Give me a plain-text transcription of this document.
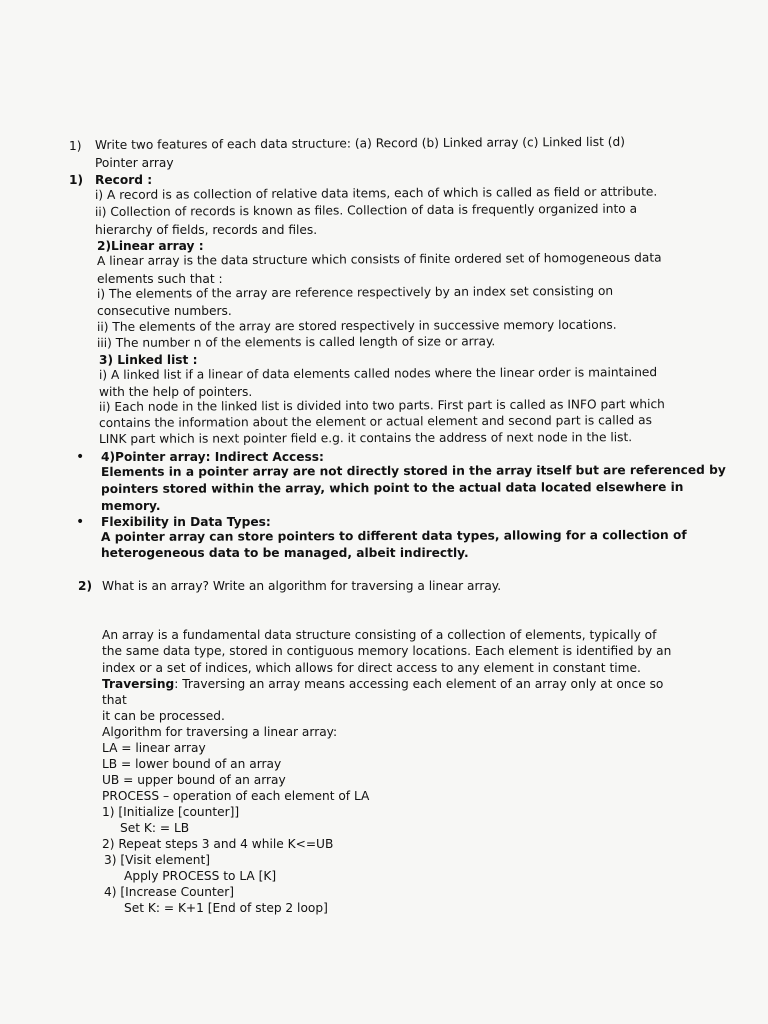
1) Write two features of each data structure: (a) Record (b) Linked array (c) Linked list (d)
Pointer array
1) Record :
i) A record is as collection of relative data items, each of which is called as field or attribute.
ii) Collection of records is known as files. Collection of data is frequently organized into a
hierarchy of fields, records and files.
2)Linear array :
A linear array is the data structure which consists of finite ordered set of homogeneous data
elements such that :
i) The elements of the array are reference respectively by an index set consisting on
consecutive numbers.
ii) The elements of the array are stored respectively in successive memory locations.
iii) The number n of the elements is called length of size or array.
3) Linked list :
i) A linked list if a linear of data elements called nodes where the linear order is maintained
with the help of pointers.
ii) Each node in the linked list is divided into two parts. First part is called as INFO part which
contains the information about the element or actual element and second part is called as
LINK part which is next pointer field e.g. it contains the address of next node in the list.
• 4)Pointer array: Indirect Access:
Elements in a pointer array are not directly stored in the array itself but are referenced by
pointers stored within the array, which point to the actual data located elsewhere in
memory.
• Flexibility in Data Types:
A pointer array can store pointers to different data types, allowing for a collection of
heterogeneous data to be managed, albeit indirectly.
2) What is an array? Write an algorithm for traversing a linear array.
An array is a fundamental data structure consisting of a collection of elements, typically of
the same data type, stored in contiguous memory locations. Each element is identified by an
index or a set of indices, which allows for direct access to any element in constant time.
Traversing: Traversing an array means accessing each element of an array only at once so
that
it can be processed.
Algorithm for traversing a linear array:
LA = linear array
LB = lower bound of an array
UB = upper bound of an array
PROCESS – operation of each element of LA
1) [Initialize [counter]]
Set K: = LB
2) Repeat steps 3 and 4 while K<=UB
3) [Visit element]
Apply PROCESS to LA [K]
4) [Increase Counter]
Set K: = K+1 [End of step 2 loop]
